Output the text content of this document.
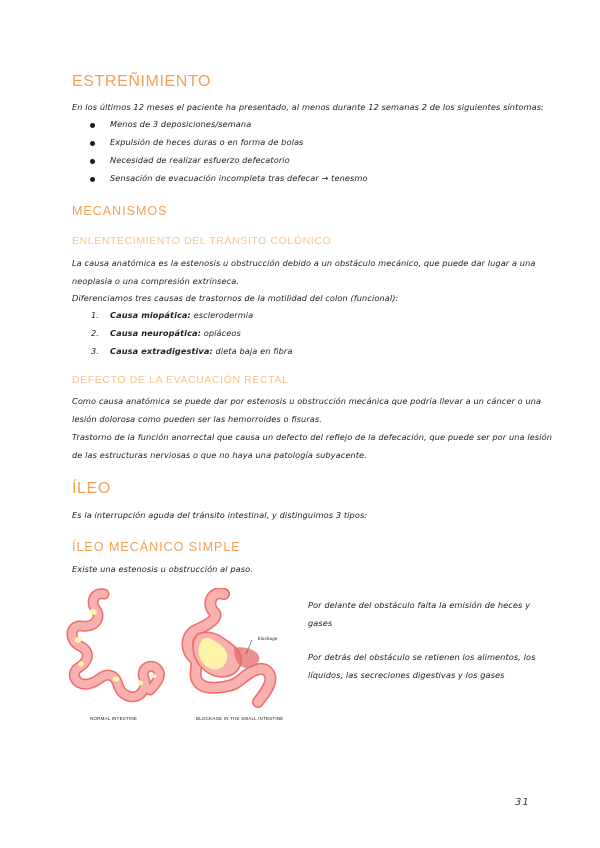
ESTREÑIMIENTO
En los últimos 12 meses el paciente ha presentado, al menos durante 12 semanas 2 de los siguientes síntomas:
Menos de 3 deposiciones/semana
Expulsión de heces duras o en forma de bolas
Necesidad de realizar esfuerzo defecatorio
Sensación de evacuación incompleta tras defecar → tenesmo
MECANISMOS
ENLENTECIMIENTO DEL TRÁNSITO COLÓNICO
La causa anatómica es la estenosis u obstrucción debido a un obstáculo mecánico, que puede dar lugar a una
neoplasia o una compresión extrínseca.
Diferenciamos tres causas de trastornos de la motilidad del colon (funcional):
1. Causa miopática: esclerodermia
2. Causa neuropática: opiáceos
3. Causa extradigestiva: dieta baja en fibra
DEFECTO DE LA EVACUACIÓN RECTAL
Como causa anatómica se puede dar por estenosis u obstrucción mecánica que podría llevar a un cáncer o una
lesión dolorosa como pueden ser las hemorroides o fisuras.
Trastorno de la función anorrectal que causa un defecto del reflejo de la defecación, que puede ser por una lesión
de las estructuras nerviosas o que no haya una patología subyacente.
ÍLEO
Es la interrupción aguda del tránsito intestinal, y distinguimos 3 tipos:
ÍLEO MECÁNICO SIMPLE
Existe una estenosis u obstrucción al paso.
blockage
NORMAL INTESTINE	BLOCKAGE IN THE SMALL INTESTINE
Por delante del obstáculo falta la emisión de heces y
gases
Por detrás del obstáculo se retienen los alimentos, los
líquidos, las secreciones digestivas y los gases
31
